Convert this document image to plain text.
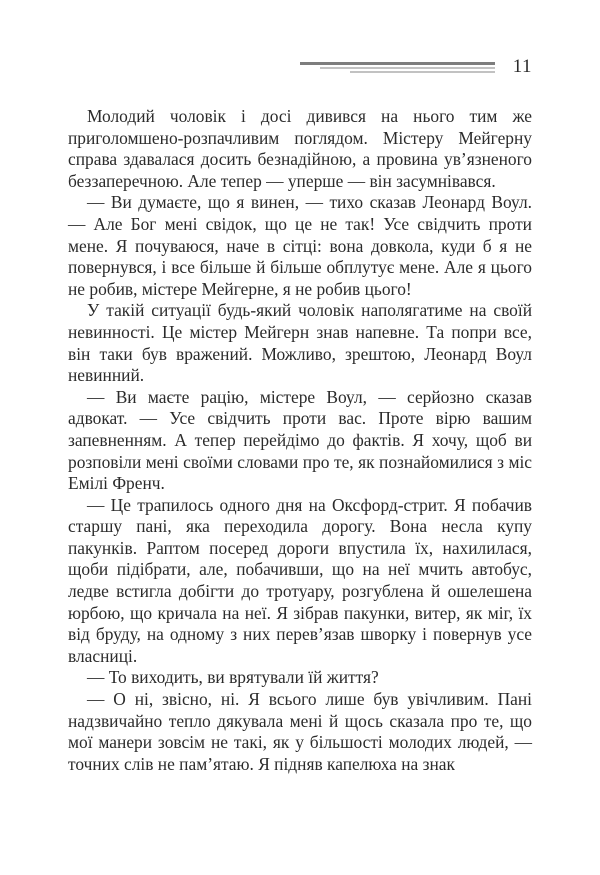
11

Молодий чоловік і досі дивився на нього тим же приголомшено-розпачливим поглядом. Містеру Мейгерну справа здавалася досить безнадійною, а провина ув’язненого беззаперечною. Але тепер — уперше — він засумнівався.

— Ви думаєте, що я винен, — тихо сказав Леонард Воул. — Але Бог мені свідок, що це не так! Усе свідчить проти мене. Я почуваюся, наче в сітці: вона довкола, куди б я не повернувся, і все більше й більше обплутує мене. Але я цього не робив, містере Мейгерне, я не робив цього!

У такій ситуації будь-який чоловік наполягатиме на своїй невинності. Це містер Мейгерн знав напевне. Та попри все, він таки був вражений. Можливо, зрештою, Леонард Воул невинний.

— Ви маєте рацію, містере Воул, — серйозно сказав адвокат. — Усе свідчить проти вас. Проте вірю вашим запевненням. А тепер перейдімо до фактів. Я хочу, щоб ви розповіли мені своїми словами про те, як познайомилися з міс Емілі Френч.

— Це трапилось одного дня на Оксфорд-стрит. Я побачив старшу пані, яка переходила дорогу. Вона несла купу пакунків. Раптом посеред дороги впустила їх, нахилилася, щоби підібрати, але, побачивши, що на неї мчить автобус, ледве встигла добігти до тротуару, розгублена й ошелешена юрбою, що кричала на неї. Я зібрав пакунки, витер, як міг, їх від бруду, на одному з них перев’язав шворку і повернув усе власниці.

— То виходить, ви врятували їй життя?

— О ні, звісно, ні. Я всього лише був увічливим. Пані надзвичайно тепло дякувала мені й щось сказала про те, що мої манери зовсім не такі, як у більшості молодих людей, — точних слів не пам’ятаю. Я підняв капелюха на знак
